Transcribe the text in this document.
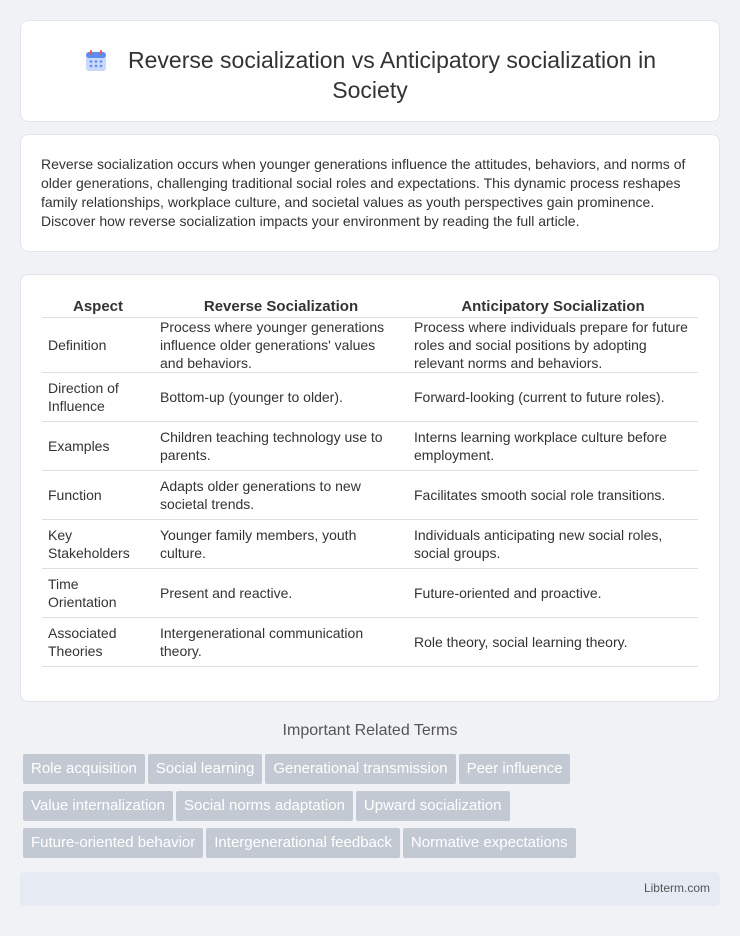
Reverse socialization vs Anticipatory socialization in Society

Reverse socialization occurs when younger generations influence the attitudes, behaviors, and norms of older generations, challenging traditional social roles and expectations. This dynamic process reshapes family relationships, workplace culture, and societal values as youth perspectives gain prominence. Discover how reverse socialization impacts your environment by reading the full article.

Aspect	Reverse Socialization	Anticipatory Socialization
Definition	Process where younger generations influence older generations' values and behaviors.	Process where individuals prepare for future roles and social positions by adopting relevant norms and behaviors.
Direction of Influence	Bottom-up (younger to older).	Forward-looking (current to future roles).
Examples	Children teaching technology use to parents.	Interns learning workplace culture before employment.
Function	Adapts older generations to new societal trends.	Facilitates smooth social role transitions.
Key Stakeholders	Younger family members, youth culture.	Individuals anticipating new social roles, social groups.
Time Orientation	Present and reactive.	Future-oriented and proactive.
Associated Theories	Intergenerational communication theory.	Role theory, social learning theory.
Important Related Terms
Role acquisition Social learning Generational transmission Peer influence
Value internalization Social norms adaptation Upward socialization
Future-oriented behavior Intergenerational feedback Normative expectations
Libterm.com
